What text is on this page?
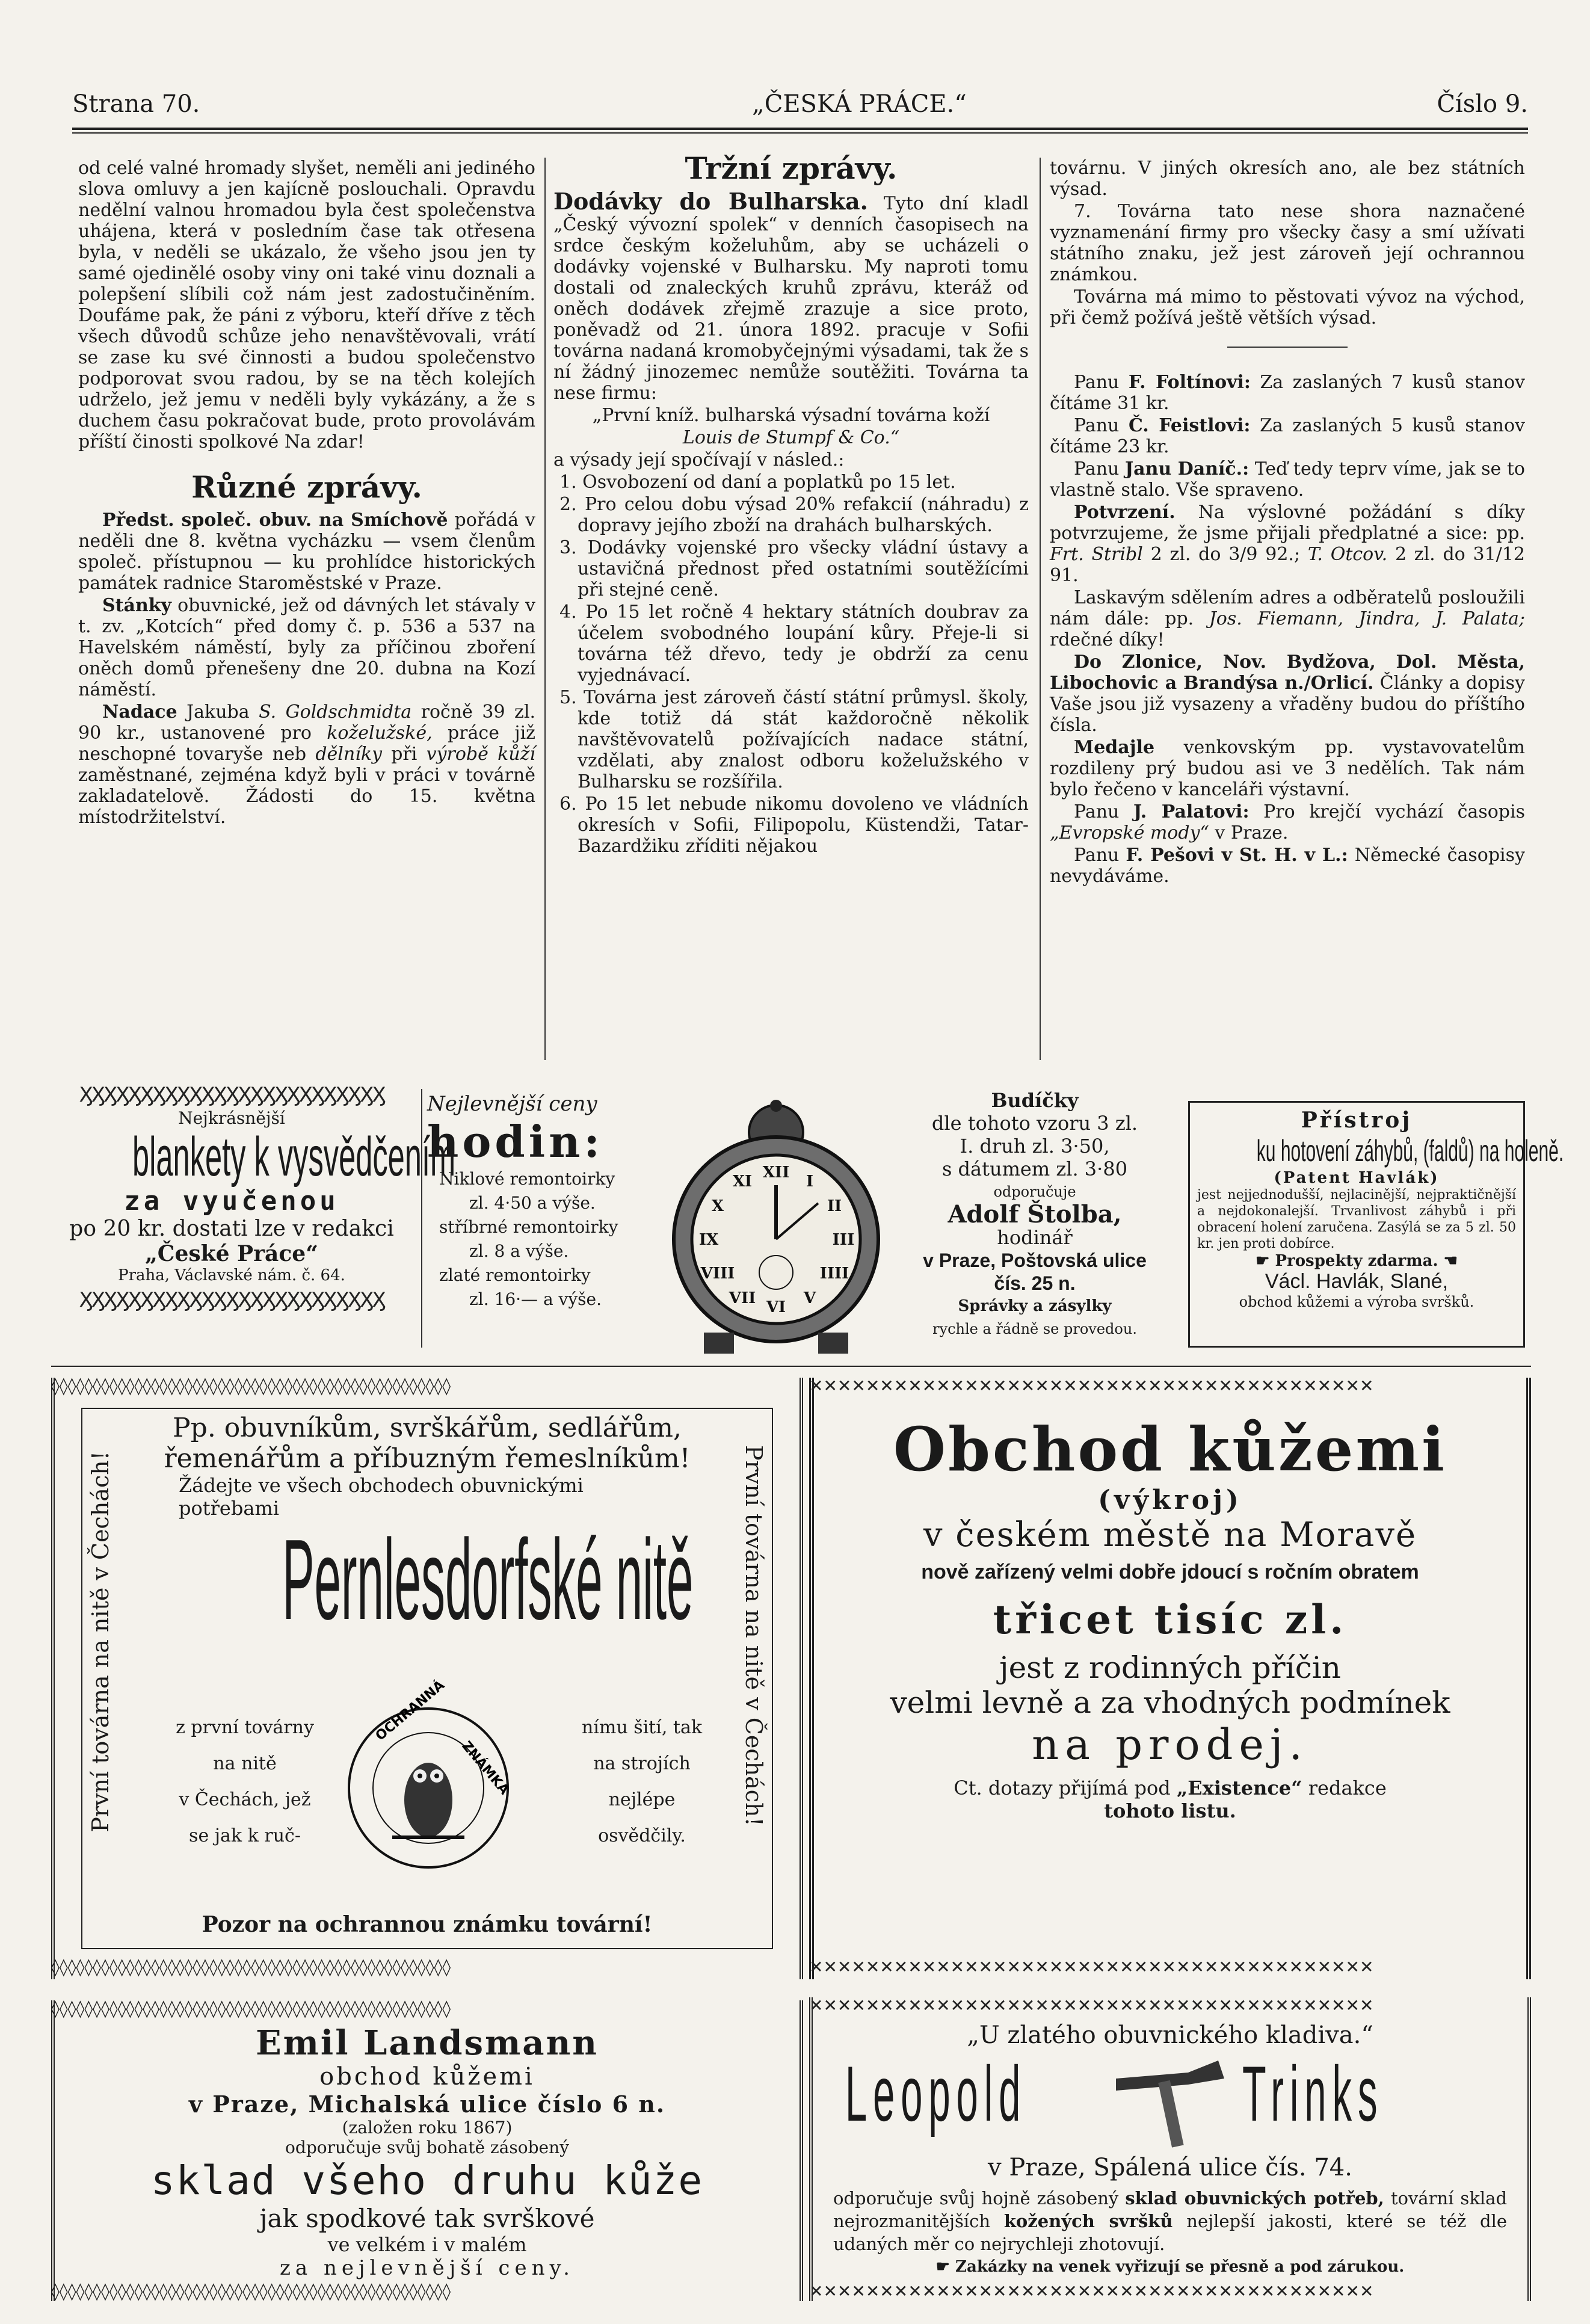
Strana 70.	„ČESKÁ PRÁCE.“	Číslo 9.

od celé valné hromady slyšet, neměli ani jediného slova omluvy a jen kajícně poslouchali. Opravdu nedělní valnou hromadou byla čest společenstva uhájena, která v posledním čase tak otřesena byla, v neděli se ukázalo, že všeho jsou jen ty samé ojedinělé osoby viny oni také vinu doznali a polepšení slíbili což nám jest zadostučiněním. Doufáme pak, že páni z výboru, kteří dříve z těch všech důvodů schůze jeho nenavštěvovali, vrátí se zase ku své činnosti a budou společenstvo podporovat svou radou, by se na těch kolejích udrželo, jež jemu v neděli byly vykázány, a že s duchem času pokračovat bude, proto provolávám příští činosti spolkové Na zdar!

Různé zprávy.

Předst. společ. obuv. na Smíchově pořádá v neděli dne 8. května vycházku — vsem členům společ. přístupnou — ku prohlídce historických památek radnice Staroměstské v Praze.

Stánky obuvnické, jež od dávných let stávaly v t. zv. „Kotcích“ před domy č. p. 536 a 537 na Havelském náměstí, byly za příčinou zboření oněch domů přenešeny dne 20. dubna na Kozí náměstí.

Nadace Jakuba S. Goldschmidta ročně 39 zl. 90 kr., ustanovené pro koželužské, práce již neschopné tovaryše neb dělníky při výrobě kůží zaměstnané, zejména když byli v práci v továrně zakladatelově. Žádosti do 15. května místodržitelství.

Tržní zprávy.

Dodávky do Bulharska. Tyto dní kladl „Český vývozní spolek“ v denních časopisech na srdce českým koželuhům, aby se ucházeli o dodávky vojenské v Bulharsku. My naproti tomu dostali od znaleckých kruhů zprávu, kteráž od oněch dodávek zřejmě zrazuje a sice proto, poněvadž od 21. února 1892. pracuje v Sofii továrna nadaná kromobyčejnými výsadami, tak že s ní žádný jinozemec nemůže soutěžiti. Továrna ta nese firmu:

„První kníž. bulharská výsadní továrna koží

Louis de Stumpf & Co.“

a výsady její spočívají v násled.:

1. Osvobození od daní a poplatků po 15 let.

2. Pro celou dobu výsad 20% refakcií (náhradu) z dopravy jejího zboží na drahách bulharských.

3. Dodávky vojenské pro všecky vládní ústavy a ustavičná přednost před ostatními soutěžícími při stejné ceně.

4. Po 15 let ročně 4 hektary státních doubrav za účelem svobodného loupání kůry. Přeje-li si továrna též dřevo, tedy je obdrží za cenu vyjednávací.

5. Továrna jest zároveň částí státní průmysl. školy, kde totiž dá stát každoročně několik navštěvovatelů požívajících nadace státní, vzdělati, aby znalost odboru koželužského v Bulharsku se rozšířila.

6. Po 15 let nebude nikomu dovoleno ve vládních okresích v Sofii, Filipopolu, Küstendži, Tatar-Bazardžiku zříditi nějakou

továrnu. V jiných okresích ano, ale bez státních výsad.

7. Továrna tato nese shora naznačené vyznamenání firmy pro všecky časy a smí užívati státního znaku, jež jest zároveň její ochrannou známkou.

Továrna má mimo to pěstovati vývoz na východ, při čemž požívá ještě větších výsad.

Panu F. Foltínovi: Za zaslaných 7 kusů stanov čítáme 31 kr.

Panu Č. Feistlovi: Za zaslaných 5 kusů stanov čítáme 23 kr.

Panu Janu Daníč.: Teď tedy teprv víme, jak se to vlastně stalo. Vše spraveno.

Potvrzení. Na výslovné požádání s díky potvrzujeme, že jsme přijali předplatné a sice: pp. Frt. Stribl 2 zl. do 3/9 92.; T. Otcov. 2 zl. do 31/12 91.

Laskavým sdělením adres a odběratelů posloužili nám dále: pp. Jos. Fiemann, Jindra, J. Palata; rdečné díky!

Do Zlonice, Nov. Bydžova, Dol. Města, Libochovic a Brandýsa n./Orlicí. Články a dopisy Vaše jsou již vysazeny a vřaděny budou do příštího čísla.

Medajle venkovským pp. vystavovatelům rozdileny prý budou asi ve 3 nedělích. Tak nám bylo řečeno v kanceláři výstavní.

Panu J. Palatovi: Pro krejčí vychází časopis „Evropské mody“ v Praze.

Panu F. Pešovi v St. H. v L.: Německé časopisy nevydáváme.

ӼӼӼӼӼӼӼӼӼӼӼӼӼӼӼӼӼӼӼӼӼӼӼӼӼ
Nejkrásnější
blankety k vysvědčením
za vyučenou
po 20 kr. dostati lze v redakci
„České Práce“
Praha, Václavské nám. č. 64.
ӼӼӼӼӼӼӼӼӼӼӼӼӼӼӼӼӼӼӼӼӼӼӼӼӼ
Nejlevnější ceny
hodin:
Niklové remontoirky
zl. 4·50 a výše.
stříbrné remontoirky
zl. 8 a výše.
zlaté remontoirky
zl. 16·— a výše.
XII
I
II
III
IIII
V
VI
VII
VIII
IX
X
XI
Budíčky
dle tohoto vzoru 3 zl.
I. druh zl. 3·50,
s dátumem zl. 3·80
odporučuje
Adolf Štolba,
hodinář
v Praze, Poštovská ulice
čís. 25 n.
Správky a zásylky
rychle a řádně se provedou.
Přístroj
ku hotovení záhybů, (faldů) na holeně.
(Patent Havlák)
jest nejjednodušší, nejlacinější, nejpraktičnější a nejdokonalejší. Trvanlivost záhybů i při obracení holení zaručena. Zasýlá se za 5 zl. 50 kr. jen proti dobírce.
☛ Prospekty zdarma. ☚
Václ. Havlák, Slané,
obchod kůžemi a výroba svršků.
◊◊◊◊◊◊◊◊◊◊◊◊◊◊◊◊◊◊◊◊◊◊◊◊◊◊◊◊◊◊◊◊◊◊◊◊◊◊◊◊◊◊◊◊◊◊◊◊
◊◊◊◊◊◊◊◊◊◊◊◊◊◊◊◊◊◊◊◊◊◊◊◊◊◊◊◊◊◊◊◊◊◊◊◊◊◊◊◊◊◊◊◊◊◊◊◊
První továrna na nitě v Čechách!	První továrna na nitě v Čechách!
Pp. obuvníkům, svrškářům, sedlářům,
řemenářům a příbuzným řemeslníkům!
Žádejte ve všech obchodech obuvnickými potřebami
Pernlesdorfské nitě
z první továrny
na nitě
v Čechách, jež
se jak k ruč-
nímu šití, tak
na strojích
nejlépe
osvědčily.
OCHRANNÁ
ZNÁMKA
Pozor na ochrannou známku tovární!
✕✕✕✕✕✕✕✕✕✕✕✕✕✕✕✕✕✕✕✕✕✕✕✕✕✕✕✕✕✕✕✕✕✕✕✕✕✕✕✕
✕✕✕✕✕✕✕✕✕✕✕✕✕✕✕✕✕✕✕✕✕✕✕✕✕✕✕✕✕✕✕✕✕✕✕✕✕✕✕✕
Obchod kůžemi
(výkroj)
v českém městě na Moravě
nově zařízený velmi dobře jdoucí s ročním obratem
třicet tisíc zl.
jest z rodinných příčin
velmi levně a za vhodných podmínek
na prodej.
Ct. dotazy přijímá pod „Existence“ redakce
tohoto listu.
◊◊◊◊◊◊◊◊◊◊◊◊◊◊◊◊◊◊◊◊◊◊◊◊◊◊◊◊◊◊◊◊◊◊◊◊◊◊◊◊◊◊◊◊◊◊◊◊
◊◊◊◊◊◊◊◊◊◊◊◊◊◊◊◊◊◊◊◊◊◊◊◊◊◊◊◊◊◊◊◊◊◊◊◊◊◊◊◊◊◊◊◊◊◊◊◊
Emil Landsmann
obchod kůžemi
v Praze, Michalská ulice číslo 6 n.
(založen roku 1867)
odporučuje svůj bohatě zásobený
sklad všeho druhu kůže
jak spodkové tak svrškové
ve velkém i v malém
za nejlevnější ceny.
✕✕✕✕✕✕✕✕✕✕✕✕✕✕✕✕✕✕✕✕✕✕✕✕✕✕✕✕✕✕✕✕✕✕✕✕✕✕✕✕
✕✕✕✕✕✕✕✕✕✕✕✕✕✕✕✕✕✕✕✕✕✕✕✕✕✕✕✕✕✕✕✕✕✕✕✕✕✕✕✕
„U zlatého obuvnického kladiva.“
Leopold	Trinks
v Praze, Spálená ulice čís. 74.
odporučuje svůj hojně zásobený sklad obuvnických potřeb, tovární sklad nejrozmanitějších kožených svršků nejlepší jakosti, které se též dle udaných měr co nejrychleji zhotovují.
☛ Zakázky na venek vyřizují se přesně a pod zárukou.
